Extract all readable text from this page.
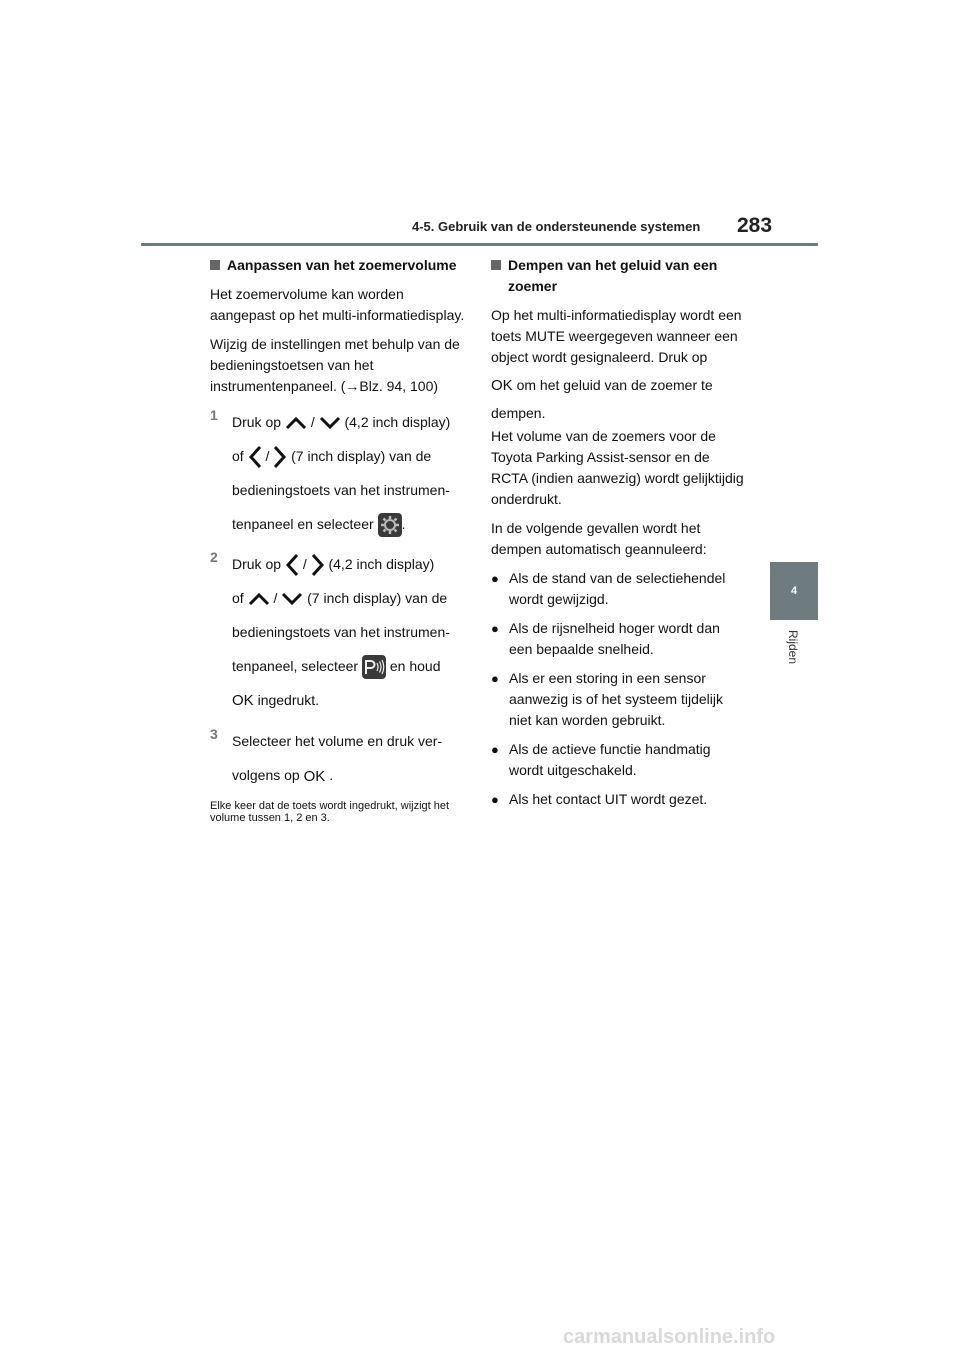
4-5. Gebruik van de ondersteunende systemen 283
4
Rijden
Aanpassen van het zoemervolume

Het zoemervolume kan worden aangepast op het multi-informatiedisplay.

Wijzig de instellingen met behulp van de bedieningstoetsen van het instrumentenpaneel. (→Blz. 94, 100)

1	Druk op / (4,2 inch display)
of / (7 inch display) van de
bedieningstoets van het instrumen-
tenpaneel en selecteer .
2	Druk op / (4,2 inch display)
of / (7 inch display) van de
bedieningstoets van het instrumen-
tenpaneel, selecteer en houd
OK ingedrukt.
3	Selecteer het volume en druk ver-
volgens op OK .
Elke keer dat de toets wordt ingedrukt, wijzigt het volume tussen 1, 2 en 3.
Dempen van het geluid van een zoemer

Op het multi-informatiedisplay wordt een toets MUTE weergegeven wanneer een object wordt gesignaleerd. Druk op

OK om het geluid van de zoemer te

dempen.

Het volume van de zoemers voor de Toyota Parking Assist-sensor en de RCTA (indien aanwezig) wordt gelijktijdig onderdrukt.

In de volgende gevallen wordt het dempen automatisch geannuleerd:

● Als de stand van de selectiehendel wordt gewijzigd.
● Als de rijsnelheid hoger wordt dan een bepaalde snelheid.
● Als er een storing in een sensor aanwezig is of het systeem tijdelijk niet kan worden gebruikt.
● Als de actieve functie handmatig wordt uitgeschakeld.
● Als het contact UIT wordt gezet.
carmanualsonline.info
